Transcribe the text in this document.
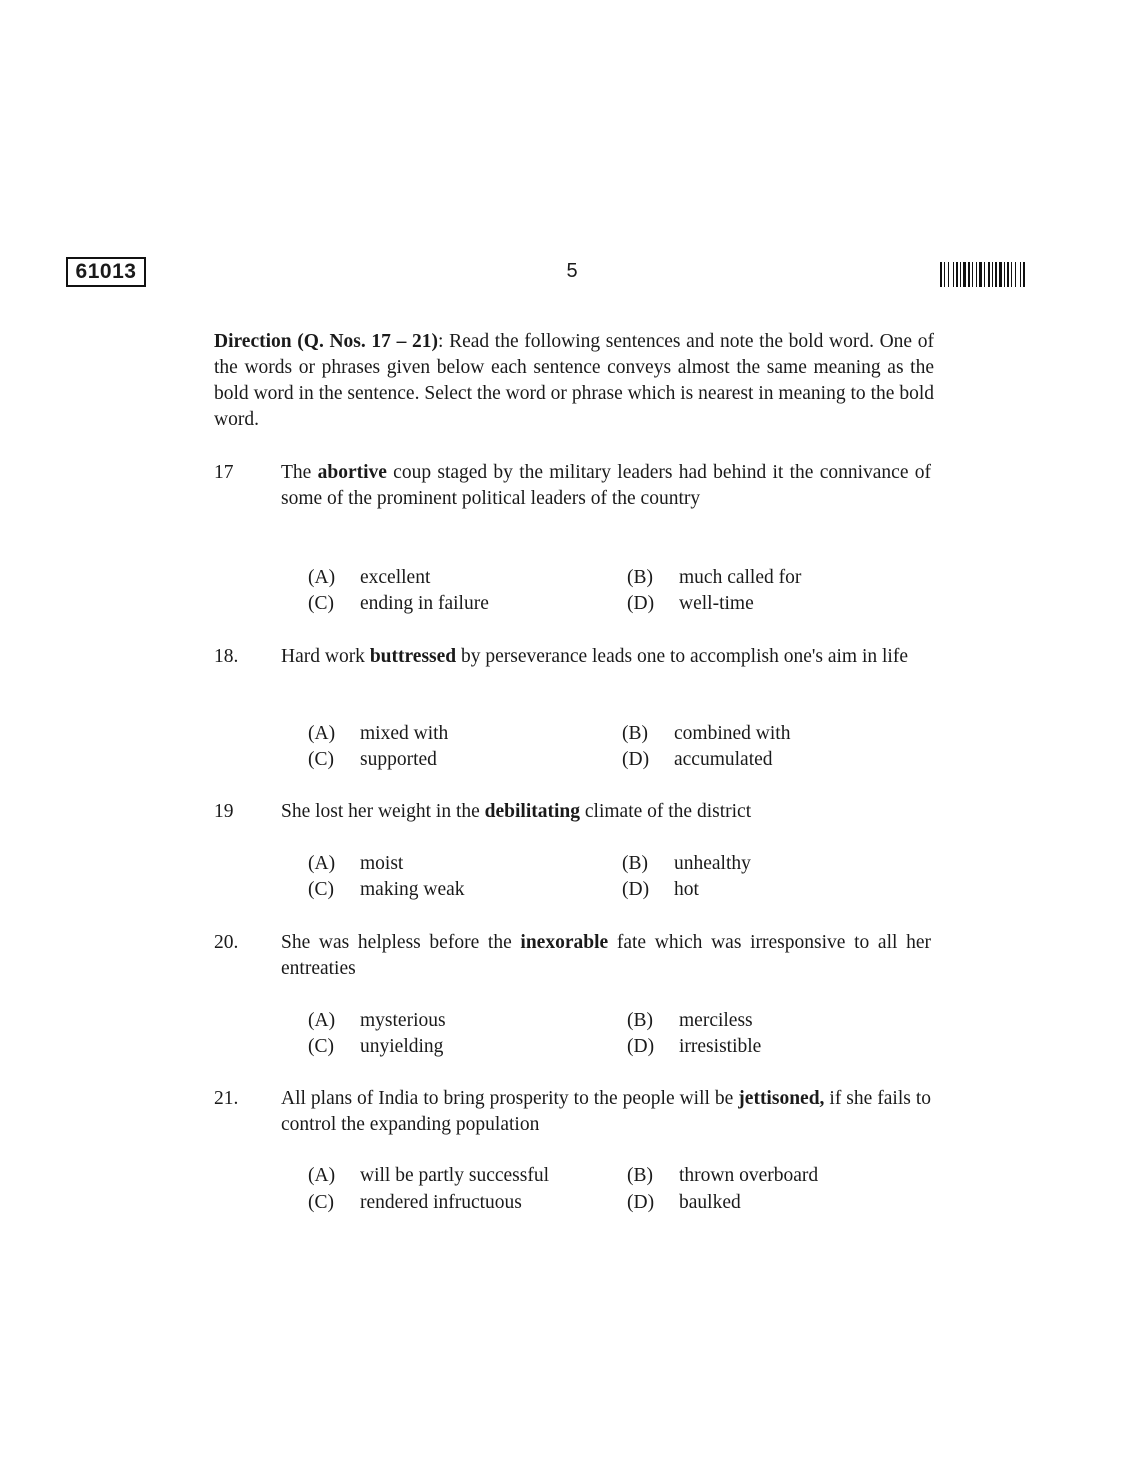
61013	5
Direction (Q. Nos. 17 – 21): Read the following sentences and note the bold word. One of the words or phrases given below each sentence conveys almost the same meaning as the bold word in the sentence. Select the word or phrase which is nearest in meaning to the bold word.
17	The abortive coup staged by the military leaders had behind it the connivance of some of the prominent political leaders of the country
(A) excellent	(B) much called for
(C) ending in failure	(D) well-time
18.	Hard work buttressed by perseverance leads one to accomplish one's aim in life
(A) mixed with	(B) combined with
(C) supported	(D) accumulated
19	She lost her weight in the debilitating climate of the district
(A) moist	(B) unhealthy
(C) making weak	(D) hot
20.	She was helpless before the inexorable fate which was irresponsive to all her entreaties
(A) mysterious	(B) merciless
(C) unyielding	(D) irresistible
21.	All plans of India to bring prosperity to the people will be jettisoned, if she fails to control the expanding population
(A) will be partly successful	(B) thrown overboard
(C) rendered infructuous	(D) baulked
